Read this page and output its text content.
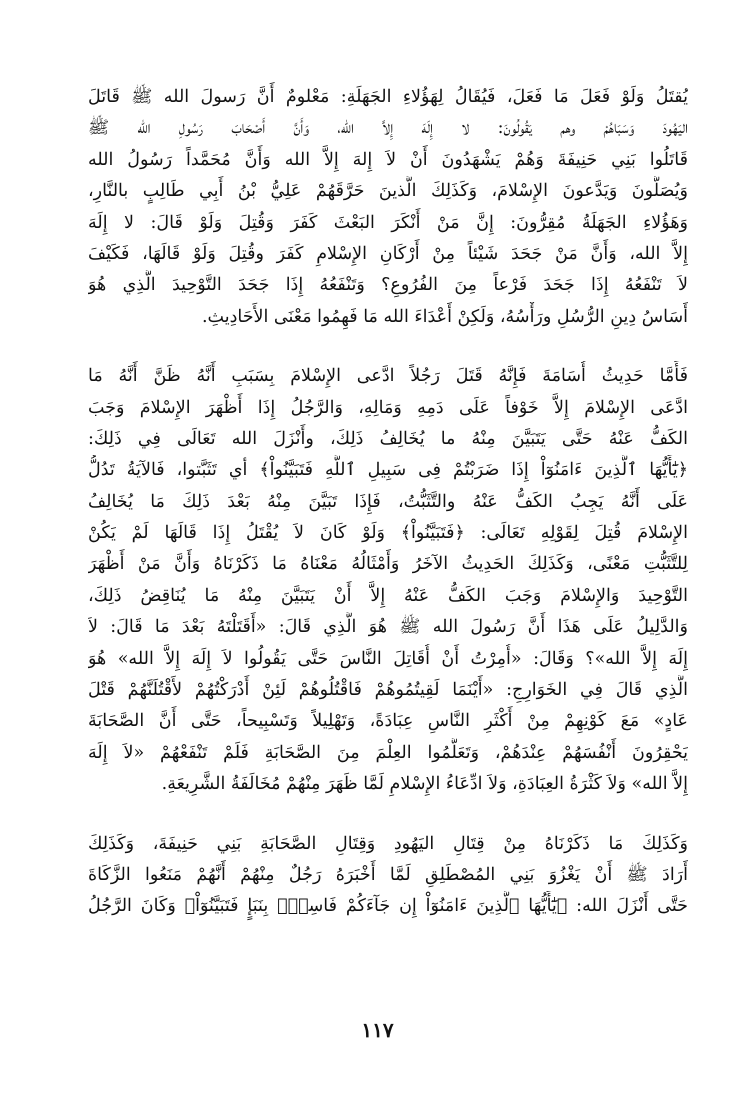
يُقتَلُ وَلَوْ فَعَلَ مَا فَعَلَ، فَيُقَالُ لِهَؤُلاءِ الجَهَلَةِ: مَعْلومٌ أَنَّ رَسولَ الله ﷺ قَاتَلَ
اليَهُودَ وَسَبَاهُمْ وهم يَقُولُونَ: لا إِلَهَ إِلاَّ الله، وَأَنَّ أَصْحَابَ رَسُولِ الله ﷺ
قَاتَلُوا بَنِي حَنِيفَةَ وَهُمْ يَشْهَدُونَ أَنْ لاَ إِلهَ إِلاَّ الله وَأَنَّ مُحَمَّداً رَسُولُ الله
وَيُصَلُّونَ وَيَدَّعونَ الإِسْلامَ، وَكَذَلِكَ الَّذينَ حَرَّقَهُمْ عَلِيُّ بْنُ أَبِي طَالِبٍ بالنَّارِ،
وَهَؤُلاءِ الجَهَلَةُ مُقِرُّونَ: إِنَّ مَنْ أَنْكَرَ البَعْثَ كَفَرَ وَقُتِلَ وَلَوْ قَالَ: لا إِلَهَ
إِلاَّ الله، وَأَنَّ مَنْ جَحَدَ شَيْئاً مِنْ أَرْكَانِ الإِسْلامِ كَفَرَ وقُتِلَ وَلَوْ قَالَهَا، فَكَيْفَ
لاَ تَنْفَعُهُ إِذَا جَحَدَ فَرْعاً مِنَ الفُرُوعِ؟ وَتَنْفَعُهُ إِذَا جَحَدَ التَّوْحِيدَ الَّذِي هُوَ
أَسَاسُ دِينِ الرُّسُلِ ورَأْسُهُ، وَلَكِنْ أَعْدَاءَ الله مَا فَهِمُوا مَعْنَى الأَحَادِيثِ.
فَأَمَّا حَدِيثُ أُسَامَةَ فَإِنَّهُ قَتَلَ رَجُلاً ادَّعى الإِسْلامَ بِسَبَبِ أَنَّهُ ظَنَّ أَنَّهُ مَا
ادَّعَى الإِسْلامَ إِلاَّ خَوْفاً عَلَى دَمِهِ وَمَالِهِ، وَالرَّجُلُ إِذَا أَظْهَرَ الإِسْلامَ وَجَبَ
الكَفُّ عَنْهُ حَتَّى يَتَبَيَّنَ مِنْهُ ما يُخَالِفُ ذَلِكَ، وأَنْزَلَ الله تَعَالَى فِي ذَلِكَ:
﴿يَٰٓأَيُّهَا ٱلَّذِينَ ءَامَنُوٓاْ إِذَا ضَرَبْتُمْ فِى سَبِيلِ ٱللَّهِ فَتَبَيَّنُواْ﴾ أي تَثَبَّتوا، فَالآيَةُ تَدُلُّ
عَلَى أَنَّهُ يَجِبُ الكَفُّ عَنْهُ والتَّثَبُّتُ، فَإِذَا تَبَيَّنَ مِنْهُ بَعْدَ ذَلِكَ مَا يُخَالِفُ
الإِسْلامَ قُتِلَ لِقَوْلِهِ تَعَالَى: ﴿فَتَبَيَّنُواْ﴾ وَلَوْ كَانَ لاَ يُقْتَلُ إِذَا قَالَهَا لَمْ يَكُنْ
لِلتَّثَبُّتِ مَعْنًى، وَكَذَلِكَ الحَدِيثُ الآخَرُ وَأَمْثَالُهُ مَعْنَاهُ مَا ذَكَرْنَاهُ وَأَنَّ مَنْ أَظْهَرَ
التَّوْحِيدَ وَالإِسْلامَ وَجَبَ الكَفُّ عَنْهُ إِلاَّ أَنْ يَتَبَيَّنَ مِنْهُ مَا يُنَاقِضُ ذَلِكَ،
وَالدَّلِيلُ عَلَى هَذَا أَنَّ رَسُولَ الله ﷺ هُوَ الَّذِي قَالَ: «أَقَتَلْتَهُ بَعْدَ مَا قَالَ: لاَ
إِلَهَ إِلاَّ الله»؟ وَقَالَ: «أُمِرْتُ أَنْ أُقَاتِلَ النَّاسَ حَتَّى يَقُولُوا لاَ إِلَهَ إِلاَّ الله» هُوَ
الَّذِي قَالَ فِي الخَوَارِجِ: «أَيْنَمَا لَقِيتُمُوهُمْ فَاقْتُلُوهُمْ لَئِنْ أَدْرَكْتُهُمْ لأَقْتُلَنَّهُمْ قَتْلَ
عَادٍ» مَعَ كَوْنِهِمْ مِنْ أَكْثَرِ النَّاسِ عِبَادَةً، وَتَهْلِيلاً وَتَسْبِيحاً، حَتَّى أَنَّ الصَّحَابَةَ
يَحْقِرُونَ أَنْفُسَهُمْ عِنْدَهُمْ، وَتَعَلَّمُوا العِلْمَ مِنَ الصَّحَابَةِ فَلَمْ تَنْفَعْهُمْ «لاَ إِلَهَ
إِلاَّ الله» وَلاَ كَثْرَةُ العِبَادَةِ، وَلاَ ادِّعَاءُ الإِسْلامِ لَمَّا ظَهَرَ مِنْهُمْ مُخَالَفَةُ الشَّرِيعَةِ.
وَكَذَلِكَ مَا ذَكَرْنَاهُ مِنْ قِتَالِ اليَهُودِ وَقِتَالِ الصَّحَابَةِ بَنِي حَنِيفَةَ، وَكَذَلِكَ
أَرَادَ ﷺ أَنْ يَغْزُوَ بَنِي المُصْطَلِقِ لَمَّا أَخْبَرَهُ رَجُلٌ مِنْهُمْ أَنَّهُمْ مَنَعُوا الزَّكَاةَ
حَتَّى أَنْزَلَ الله: ﴿يَٰٓأَيُّهَا ٱلَّذِينَ ءَامَنُوٓاْ إِن جَآءَكُمْ فَاسِقٌۢ بِنَبَإٍ فَتَبَيَّنُوٓاْ﴾ وَكَانَ الرَّجُلُ
١١٧
